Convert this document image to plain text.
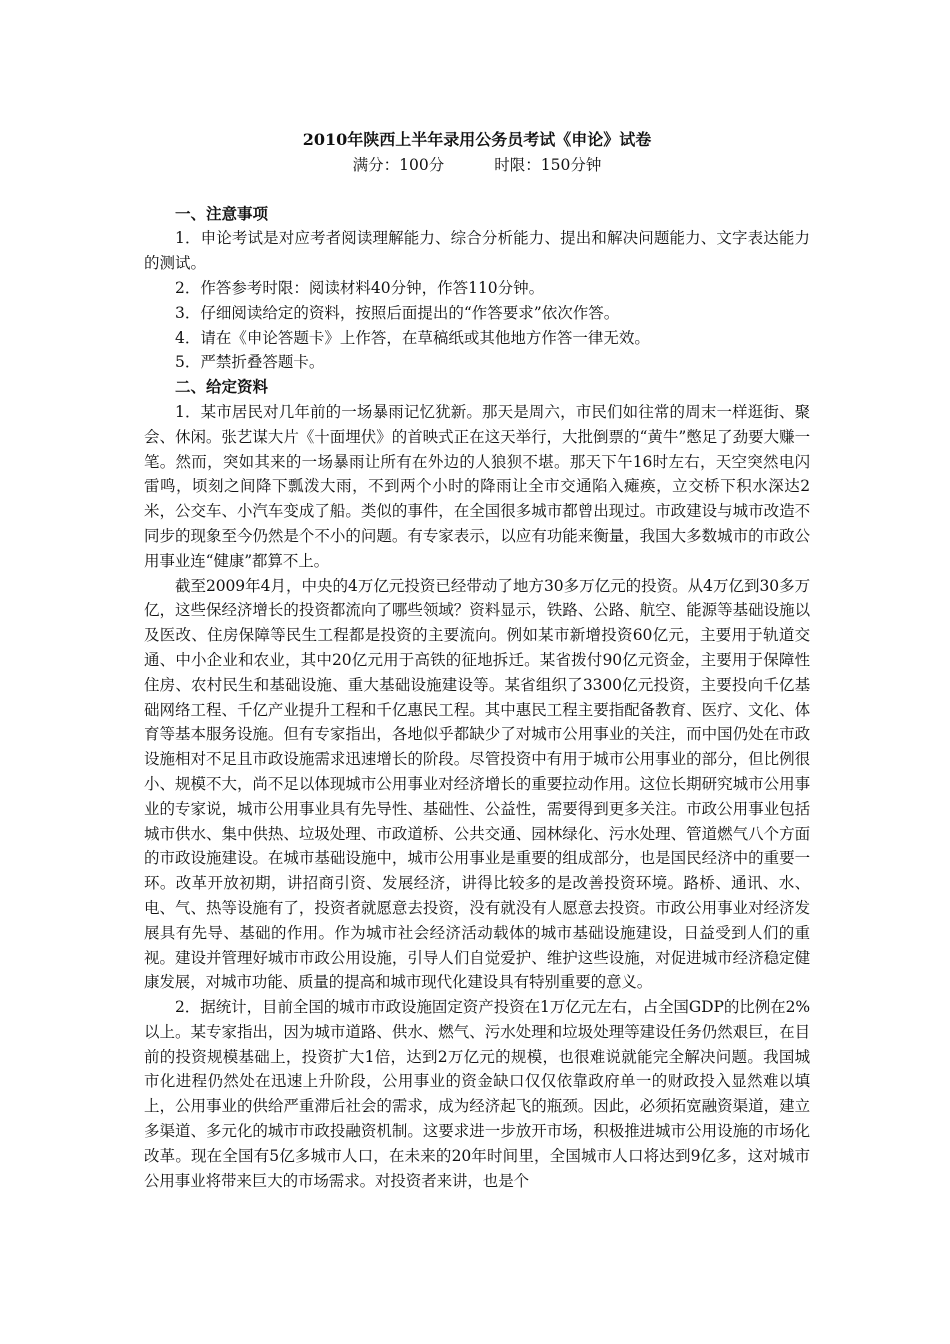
2010年陕西上半年录用公务员考试《申论》试卷

满分：100分	时限：150分钟

一、注意事项

1．申论考试是对应考者阅读理解能力、综合分析能力、提出和解决问题能力、文字表达能力的测试。

2．作答参考时限：阅读材料40分钟，作答110分钟。

3．仔细阅读给定的资料，按照后面提出的“作答要求”依次作答。

4．请在《申论答题卡》上作答，在草稿纸或其他地方作答一律无效。

5．严禁折叠答题卡。

二、给定资料

1．某市居民对几年前的一场暴雨记忆犹新。那天是周六，市民们如往常的周末一样逛街、聚会、休闲。张艺谋大片《十面埋伏》的首映式正在这天举行，大批倒票的“黄牛”憋足了劲要大赚一笔。然而，突如其来的一场暴雨让所有在外边的人狼狈不堪。那天下午16时左右，天空突然电闪雷鸣，顷刻之间降下瓢泼大雨，不到两个小时的降雨让全市交通陷入瘫痪，立交桥下积水深达2米，公交车、小汽车变成了船。类似的事件，在全国很多城市都曾出现过。市政建设与城市改造不同步的现象至今仍然是个不小的问题。有专家表示，以应有功能来衡量，我国大多数城市的市政公用事业连“健康”都算不上。

截至2009年4月，中央的4万亿元投资已经带动了地方30多万亿元的投资。从4万亿到30多万亿，这些保经济增长的投资都流向了哪些领域？资料显示，铁路、公路、航空、能源等基础设施以及医改、住房保障等民生工程都是投资的主要流向。例如某市新增投资60亿元，主要用于轨道交通、中小企业和农业，其中20亿元用于高铁的征地拆迁。某省拨付90亿元资金，主要用于保障性住房、农村民生和基础设施、重大基础设施建设等。某省组织了3300亿元投资，主要投向千亿基础网络工程、千亿产业提升工程和千亿惠民工程。其中惠民工程主要指配备教育、医疗、文化、体育等基本服务设施。但有专家指出，各地似乎都缺少了对城市公用事业的关注，而中国仍处在市政设施相对不足且市政设施需求迅速增长的阶段。尽管投资中有用于城市公用事业的部分，但比例很小、规模不大，尚不足以体现城市公用事业对经济增长的重要拉动作用。这位长期研究城市公用事业的专家说，城市公用事业具有先导性、基础性、公益性，需要得到更多关注。市政公用事业包括城市供水、集中供热、垃圾处理、市政道桥、公共交通、园林绿化、污水处理、管道燃气八个方面的市政设施建设。在城市基础设施中，城市公用事业是重要的组成部分，也是国民经济中的重要一环。改革开放初期，讲招商引资、发展经济，讲得比较多的是改善投资环境。路桥、通讯、水、电、气、热等设施有了，投资者就愿意去投资，没有就没有人愿意去投资。市政公用事业对经济发展具有先导、基础的作用。作为城市社会经济活动载体的城市基础设施建设，日益受到人们的重视。建设并管理好城市市政公用设施，引导人们自觉爱护、维护这些设施，对促进城市经济稳定健康发展，对城市功能、质量的提高和城市现代化建设具有特别重要的意义。

2．据统计，目前全国的城市市政设施固定资产投资在1万亿元左右，占全国GDP的比例在2%以上。某专家指出，因为城市道路、供水、燃气、污水处理和垃圾处理等建设任务仍然艰巨，在目前的投资规模基础上，投资扩大1倍，达到2万亿元的规模，也很难说就能完全解决问题。我国城市化进程仍然处在迅速上升阶段，公用事业的资金缺口仅仅依靠政府单一的财政投入显然难以填上，公用事业的供给严重滞后社会的需求，成为经济起飞的瓶颈。因此，必须拓宽融资渠道，建立多渠道、多元化的城市市政投融资机制。这要求进一步放开市场，积极推进城市公用设施的市场化改革。现在全国有5亿多城市人口，在未来的20年时间里，全国城市人口将达到9亿多，这对城市公用事业将带来巨大的市场需求。对投资者来讲，也是个
